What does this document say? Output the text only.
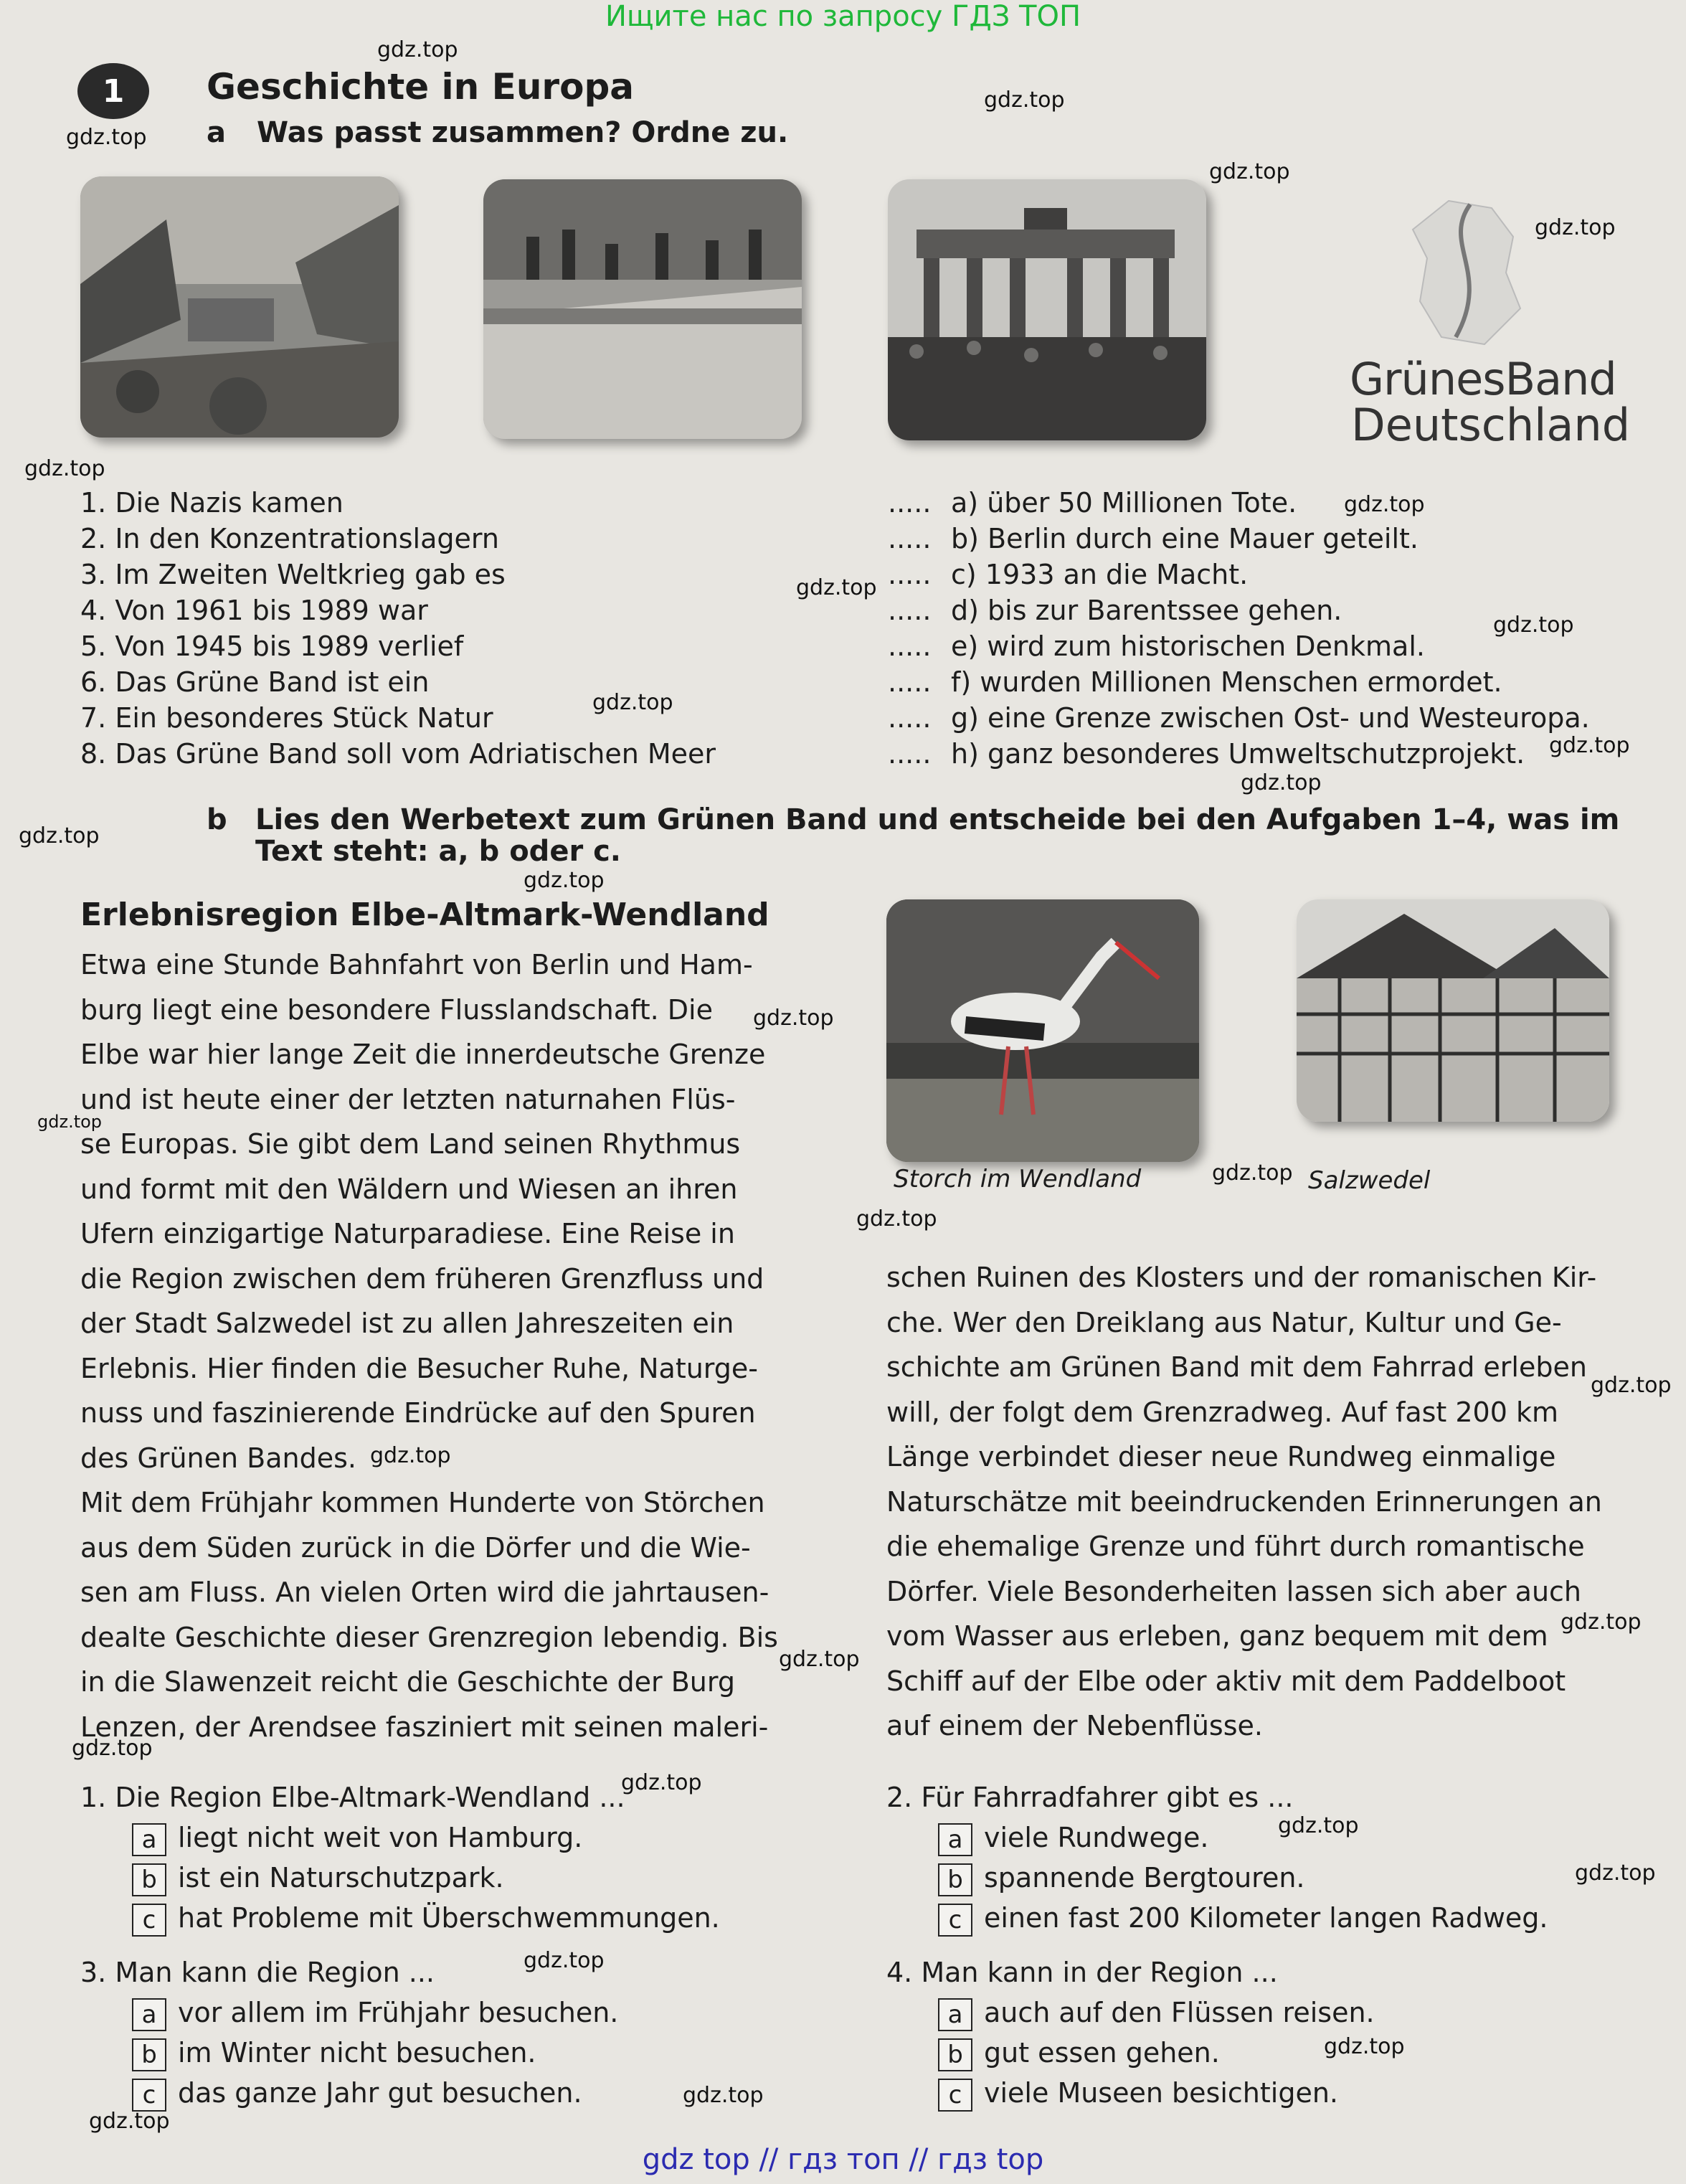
Ищите нас по запросу ГДЗ ТОП
gdz top // гдз топ // гдз top
1	Geschichte in Europa
a Was passt zusammen? Ordne zu.
GrünesBand
Deutschland
1. Die Nazis kamen
2. In den Konzentrationslagern
3. Im Zweiten Weltkrieg gab es
4. Von 1961 bis 1989 war
5. Von 1945 bis 1989 verlief
6. Das Grüne Band ist ein
7. Ein besonderes Stück Natur
8. Das Grüne Band soll vom Adriatischen Meer
.....
.....
.....
.....
.....
.....
.....
.....
a) über 50 Millionen Tote.
b) Berlin durch eine Mauer geteilt.
c) 1933 an die Macht.
d) bis zur Barentssee gehen.
e) wird zum historischen Denkmal.
f) wurden Millionen Menschen ermordet.
g) eine Grenze zwischen Ost- und Westeuropa.
h) ganz besonderes Umweltschutzprojekt.
b Lies den Werbetext zum Grünen Band und entscheide bei den Aufgaben 1–4, was im
Text steht: a, b oder c.
Erlebnisregion Elbe-Altmark-Wendland
Etwa eine Stunde Bahnfahrt von Berlin und Ham-
burg liegt eine besondere Flusslandschaft. Die
Elbe war hier lange Zeit die innerdeutsche Grenze
und ist heute einer der letzten naturnahen Flüs-
se Europas. Sie gibt dem Land seinen Rhythmus
und formt mit den Wäldern und Wiesen an ihren
Ufern einzigartige Naturparadiese. Eine Reise in
die Region zwischen dem früheren Grenzfluss und
der Stadt Salzwedel ist zu allen Jahreszeiten ein
Erlebnis. Hier finden die Besucher Ruhe, Naturge-
nuss und faszinierende Eindrücke auf den Spuren
des Grünen Bandes.
Mit dem Frühjahr kommen Hunderte von Störchen
aus dem Süden zurück in die Dörfer und die Wie-
sen am Fluss. An vielen Orten wird die jahrtausen-
dealte Geschichte dieser Grenzregion lebendig. Bis
in die Slawenzeit reicht die Geschichte der Burg
Lenzen, der Arendsee fasziniert mit seinen maleri-
Storch im Wendland	Salzwedel
schen Ruinen des Klosters und der romanischen Kir-
che. Wer den Dreiklang aus Natur, Kultur und Ge-
schichte am Grünen Band mit dem Fahrrad erleben
will, der folgt dem Grenzradweg. Auf fast 200 km
Länge verbindet dieser neue Rundweg einmalige
Naturschätze mit beeindruckenden Erinnerungen an
die ehemalige Grenze und führt durch romantische
Dörfer. Viele Besonderheiten lassen sich aber auch
vom Wasser aus erleben, ganz bequem mit dem
Schiff auf der Elbe oder aktiv mit dem Paddelboot
auf einem der Nebenflüsse.
1. Die Region Elbe-Altmark-Wendland ...
a liegt nicht weit von Hamburg.
b ist ein Naturschutzpark.
c hat Probleme mit Überschwemmungen.
2. Für Fahrradfahrer gibt es ...
a viele Rundwege.
b spannende Bergtouren.
c einen fast 200 Kilometer langen Radweg.
3. Man kann die Region ...
a vor allem im Frühjahr besuchen.
b im Winter nicht besuchen.
c das ganze Jahr gut besuchen.
4. Man kann in der Region ...
a auch auf den Flüssen reisen.
b gut essen gehen.
c viele Museen besichtigen.
gdz.top
gdz.top
gdz.top
gdz.top
gdz.top
gdz.top
gdz.top
gdz.top
gdz.top
gdz.top
gdz.top
gdz.top
gdz.top
gdz.top
gdz.top
gdz.top
gdz.top
gdz.top
gdz.top
gdz.top
gdz.top
gdz.top
gdz.top
gdz.top
gdz.top
gdz.top
gdz.top
gdz.top
gdz.top
gdz.top
